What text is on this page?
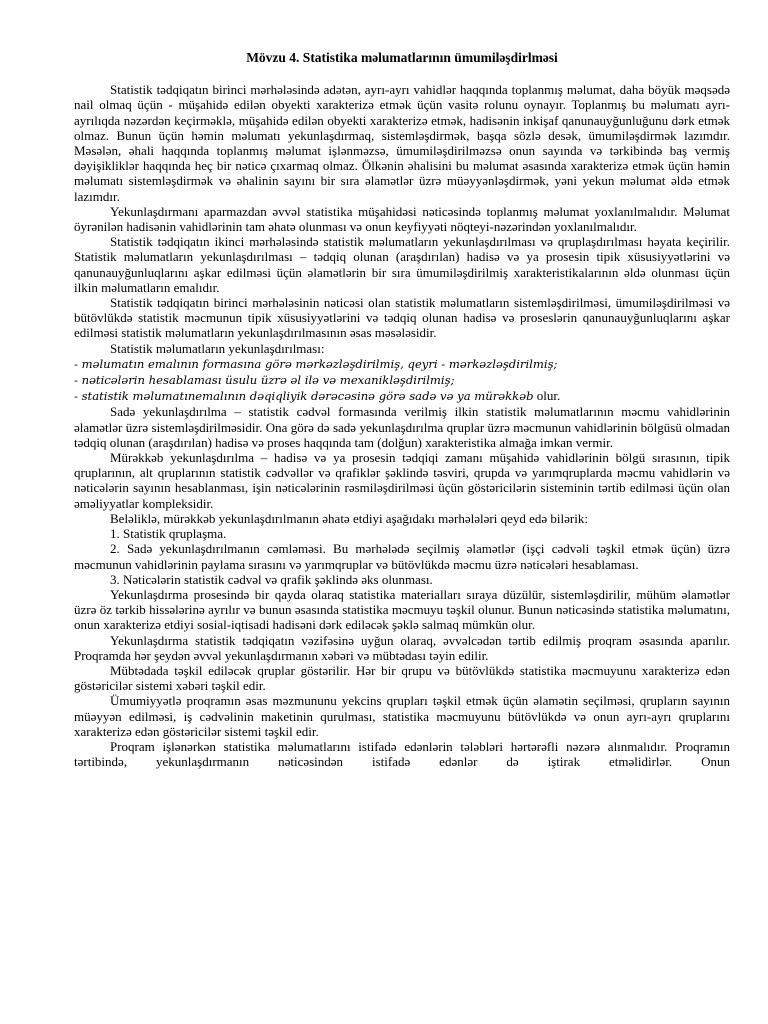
Mövzu 4. Statistika məlumatlarının ümumiləşdirlməsi

Statistik tədqiqatın birinci mərhələsində adətən, ayrı-ayrı vahidlər haqqında toplanmış məlumat, daha böyük məqsədə nail olmaq üçün - müşahidə edilən obyekti xarakterizə etmək üçün vasitə rolunu oynayır. Toplanmış bu məlumatı ayrı-ayrılıqda nəzərdən keçirməklə, müşahidə edilən obyekti xarakterizə etmək, hadisənin inkişaf qanunauyğunluğunu dərk etmək olmaz. Bunun üçün həmin məlumatı yekunlaşdırmaq, sistemləşdirmək, başqa sözlə desək, ümumiləşdirmək lazımdır. Məsələn, əhali haqqında toplanmış məlumat işlənməzsə, ümumiləşdirilməzsə onun sayında və tərkibində baş vermiş dəyişikliklər haqqında heç bir nəticə çıxarmaq olmaz. Ölkənin əhalisini bu məlumat əsasında xarakterizə etmək üçün həmin məlumatı sistemləşdirmək və əhalinin sayını bir sıra əlamətlər üzrə müəyyənləşdirmək, yəni yekun məlumat əldə etmək lazımdır.

Yekunlaşdırmanı aparmazdan əvvəl statistika müşahidəsi nəticəsində toplanmış məlumat yoxlanılmalıdır. Məlumat öyrənilən hadisənin vahidlərinin tam əhatə olunması və onun keyfiyyəti nöqteyi-nəzərindən yoxlanılmalıdır.

Statistik tədqiqatın ikinci mərhələsində statistik məlumatların yekunlaşdırılması və qruplaşdırılması həyata keçirilir. Statistik məlumatların yekunlaşdırılması – tədqiq olunan (araşdırılan) hadisə və ya prosesin tipik xüsusiyyətlərini və qanunauyğunluqlarını aşkar edilməsi üçün əlamətlərin bir sıra ümumiləşdirilmiş xarakteristikalarının əldə olunması üçün ilkin məlumatların emalıdır.

Statistik tədqiqatın birinci mərhələsinin nəticəsi olan statistik məlumatların sistemləşdirilməsi, ümumiləşdirilməsi və bütövlükdə statistik məcmunun tipik xüsusiyyətlərini və tədqiq olunan hadisə və proseslərin qanunauyğunluqlarını aşkar edilməsi statistik məlumatların yekunlaşdırılmasının əsas məsələsidir.

Statistik məlumatların yekunlaşdırılması:

- məlumatın emalının formasına görə mərkəzləşdirilmiş, qeyri - mərkəzləşdirilmiş;

- nəticələrin hesablaması üsulu üzrə əl ilə və mexanikləşdirilmiş;

- statistik məlumatınemalının dəqiqliyik dərəcəsinə görə sadə və ya mürəkkəb olur.

Sadə yekunlaşdırılma – statistik cədvəl formasında verilmiş ilkin statistik məlumatlarının məcmu vahidlərinin əlamətlər üzrə sistemləşdirilməsidir. Ona görə də sadə yekunlaşdırılma qruplar üzrə məcmunun vahidlərinin bölgüsü olmadan tədqiq olunan (araşdırılan) hadisə və proses haqqında tam (dolğun) xarakteristika almağa imkan vermir.

Mürəkkəb yekunlaşdırılma – hadisə və ya prosesin tədqiqi zamanı müşahidə vahidlərinin bölgü sırasının, tipik qruplarının, alt qruplarının statistik cədvəllər və qrafiklər şəklində təsviri, qrupda və yarımqruplarda məcmu vahidlərin və nəticələrin sayının hesablanması, işin nəticələrinin rəsmiləşdirilməsi üçün göstəricilərin sisteminin tərtib edilməsi üçün olan əməliyyatlar kompleksidir.

Beləliklə, mürəkkəb yekunlaşdırılmanın əhatə etdiyi aşağıdakı mərhələləri qeyd edə bilərik:

1. Statistik qruplaşma.

2. Sadə yekunlaşdırılmanın cəmləməsi. Bu mərhələdə seçilmiş əlamətlər (işçi cədvəli təşkil etmək üçün) üzrə məcmunun vahidlərinin paylama sırasını və yarımqruplar və bütövlükdə məcmu üzrə nəticələri hesablaması.

3. Nəticələrin statistik cədvəl və qrafik şəklində əks olunması.

Yekunlaşdırma prosesində bir qayda olaraq statistika materialları sıraya düzülür, sistemləşdirilir, mühüm əlamətlər üzrə öz tərkib hissələrinə ayrılır və bunun əsasında statistika məcmuyu təşkil olunur. Bunun nəticəsində statistika məlumatını, onun xarakterizə etdiyi sosial-iqtisadi hadisəni dərk ediləcək şəklə salmaq mümkün olur.

Yekunlaşdırma statistik tədqiqatın vəzifəsinə uyğun olaraq, əvvəlcədən tərtib edilmiş proqram əsasında aparılır. Proqramda hər şeydən əvvəl yekunlaşdırmanın xəbəri və mübtədası təyin edilir.

Mübtədada təşkil ediləcək qruplar göstərilir. Hər bir qrupu və bütövlükdə statistika məcmuyunu xarakterizə edən göstəricilər sistemi xəbəri təşkil edir.

Ümumiyyətlə proqramın əsas məzmununu yekcins qrupları təşkil etmək üçün əlamətin seçilməsi, qrupların sayının müəyyən edilməsi, iş cədvəlinin maketinin qurulması, statistika məcmuyunu bütövlükdə və onun ayrı-ayrı qruplarını xarakterizə edən göstəricilər sistemi təşkil edir.

Proqram işlənərkən statistika məlumatlarını istifadə edənlərin tələbləri hərtərəfli nəzərə alınmalıdır. Proqramın tərtibində, yekunlaşdırmanın nəticəsindən istifadə edənlər də iştirak etməlidirlər. Onun
